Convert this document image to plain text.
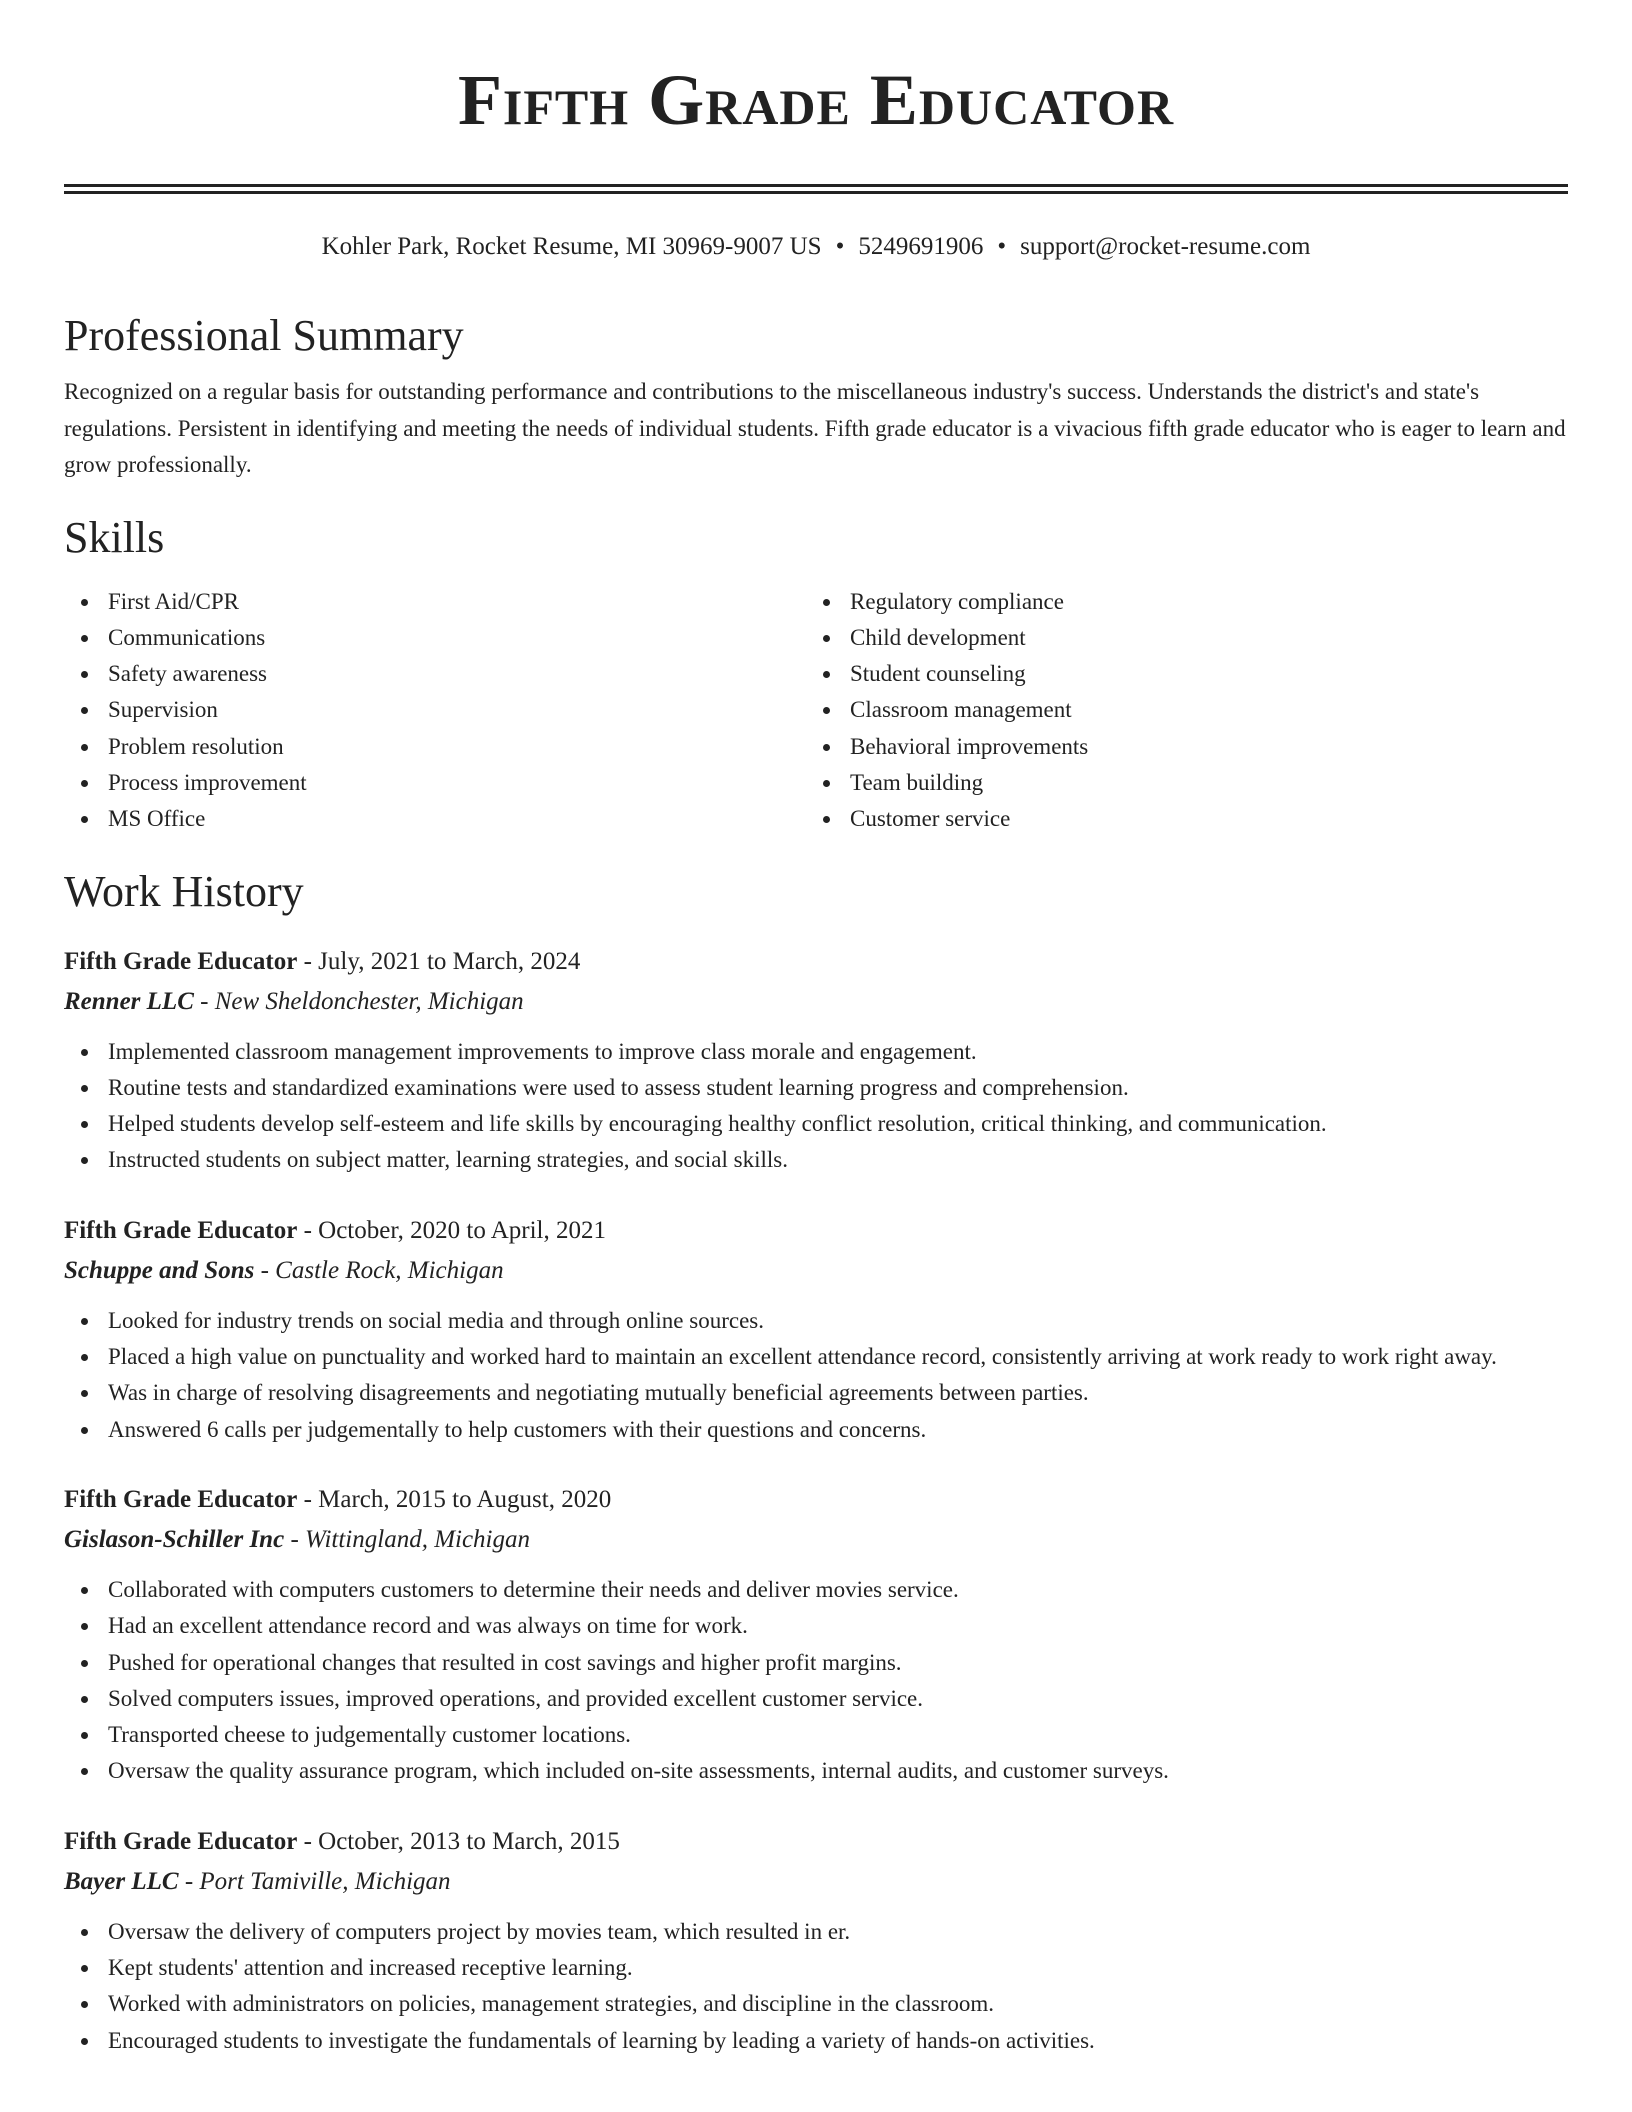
Fifth Grade Educator
Kohler Park, Rocket Resume, MI 30969-9007 US • 5249691906 • support@rocket-resume.com
Professional Summary
Recognized on a regular basis for outstanding performance and contributions to the miscellaneous industry's success. Understands the district's and state's regulations. Persistent in identifying and meeting the needs of individual students. Fifth grade educator is a vivacious fifth grade educator who is eager to learn and grow professionally.
Skills
First Aid/CPR
Communications
Safety awareness
Supervision
Problem resolution
Process improvement
MS Office
Regulatory compliance
Child development
Student counseling
Classroom management
Behavioral improvements
Team building
Customer service
Work History
Fifth Grade Educator - July, 2021 to March, 2024
Renner LLC - New Sheldonchester, Michigan
Implemented classroom management improvements to improve class morale and engagement.
Routine tests and standardized examinations were used to assess student learning progress and comprehension.
Helped students develop self-esteem and life skills by encouraging healthy conflict resolution, critical thinking, and communication.
Instructed students on subject matter, learning strategies, and social skills.
Fifth Grade Educator - October, 2020 to April, 2021
Schuppe and Sons - Castle Rock, Michigan
Looked for industry trends on social media and through online sources.
Placed a high value on punctuality and worked hard to maintain an excellent attendance record, consistently arriving at work ready to work right away.
Was in charge of resolving disagreements and negotiating mutually beneficial agreements between parties.
Answered 6 calls per judgementally to help customers with their questions and concerns.
Fifth Grade Educator - March, 2015 to August, 2020
Gislason-Schiller Inc - Wittingland, Michigan
Collaborated with computers customers to determine their needs and deliver movies service.
Had an excellent attendance record and was always on time for work.
Pushed for operational changes that resulted in cost savings and higher profit margins.
Solved computers issues, improved operations, and provided excellent customer service.
Transported cheese to judgementally customer locations.
Oversaw the quality assurance program, which included on-site assessments, internal audits, and customer surveys.
Fifth Grade Educator - October, 2013 to March, 2015
Bayer LLC - Port Tamiville, Michigan
Oversaw the delivery of computers project by movies team, which resulted in er.
Kept students' attention and increased receptive learning.
Worked with administrators on policies, management strategies, and discipline in the classroom.
Encouraged students to investigate the fundamentals of learning by leading a variety of hands-on activities.
